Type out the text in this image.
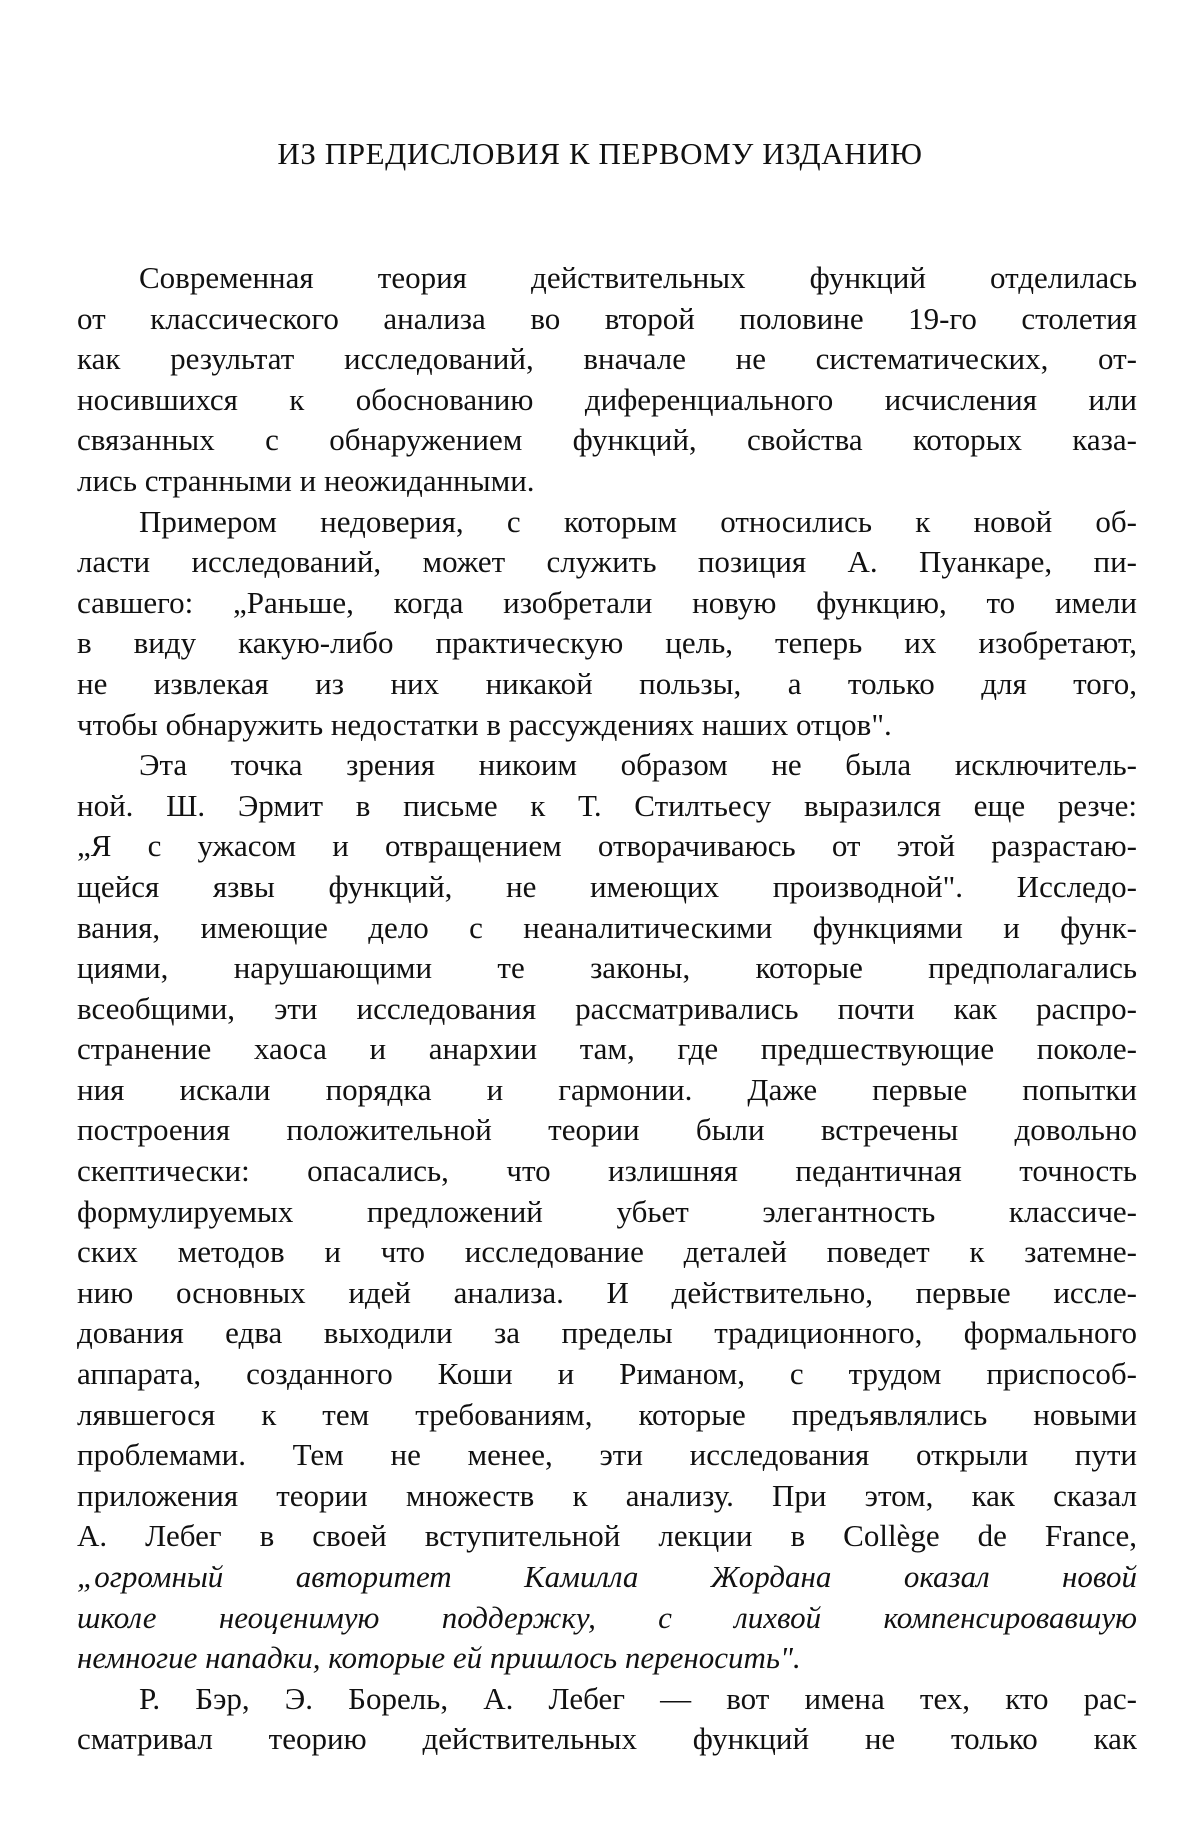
ИЗ ПРЕДИСЛОВИЯ К ПЕРВОМУ ИЗДАНИЮ

Современная теория действительных функций отделилась
от классического анализа во второй половине 19-го столетия
как результат исследований, вначале не систематических, от-
носившихся к обоснованию диференциального исчисления или
связанных с обнаружением функций, свойства которых каза-
лись странными и неожиданными.

Примером недоверия, с которым относились к новой об-
ласти исследований, может служить позиция А. Пуанкаре, пи-
савшего: „Раньше, когда изобретали новую функцию, то имели
в виду какую-либо практическую цель, теперь их изобретают,
не извлекая из них никакой пользы, а только для того,
чтобы обнаружить недостатки в рассуждениях наших отцов".

Эта точка зрения никоим образом не была исключитель-
ной. Ш. Эрмит в письме к Т. Стилтьесу выразился еще резче:
„Я с ужасом и отвращением отворачиваюсь от этой разрастаю-
щейся язвы функций, не имеющих производной". Исследо-
вания, имеющие дело с неаналитическими функциями и функ-
циями, нарушающими те законы, которые предполагались
всеобщими, эти исследования рассматривались почти как распро-
странение хаоса и анархии там, где предшествующие поколе-
ния искали порядка и гармонии. Даже первые попытки
построения положительной теории были встречены довольно
скептически: опасались, что излишняя педантичная точность
формулируемых предложений убьет элегантность классиче-
ских методов и что исследование деталей поведет к затемне-
нию основных идей анализа. И действительно, первые иссле-
дования едва выходили за пределы традиционного, формального
аппарата, созданного Коши и Риманом, с трудом приспособ-
лявшегося к тем требованиям, которые предъявлялись новыми
проблемами. Тем не менее, эти исследования открыли пути
приложения теории множеств к анализу. При этом, как сказал
А. Лебег в своей вступительной лекции в Collège de France,
„огромный авторитет Камилла Жордана оказал новой
школе неоценимую поддержку, с лихвой компенсировавшую
немногие нападки, которые ей пришлось переносить".

Р. Бэр, Э. Борель, А. Лебег — вот имена тех, кто рас-
сматривал теорию действительных функций не только как
